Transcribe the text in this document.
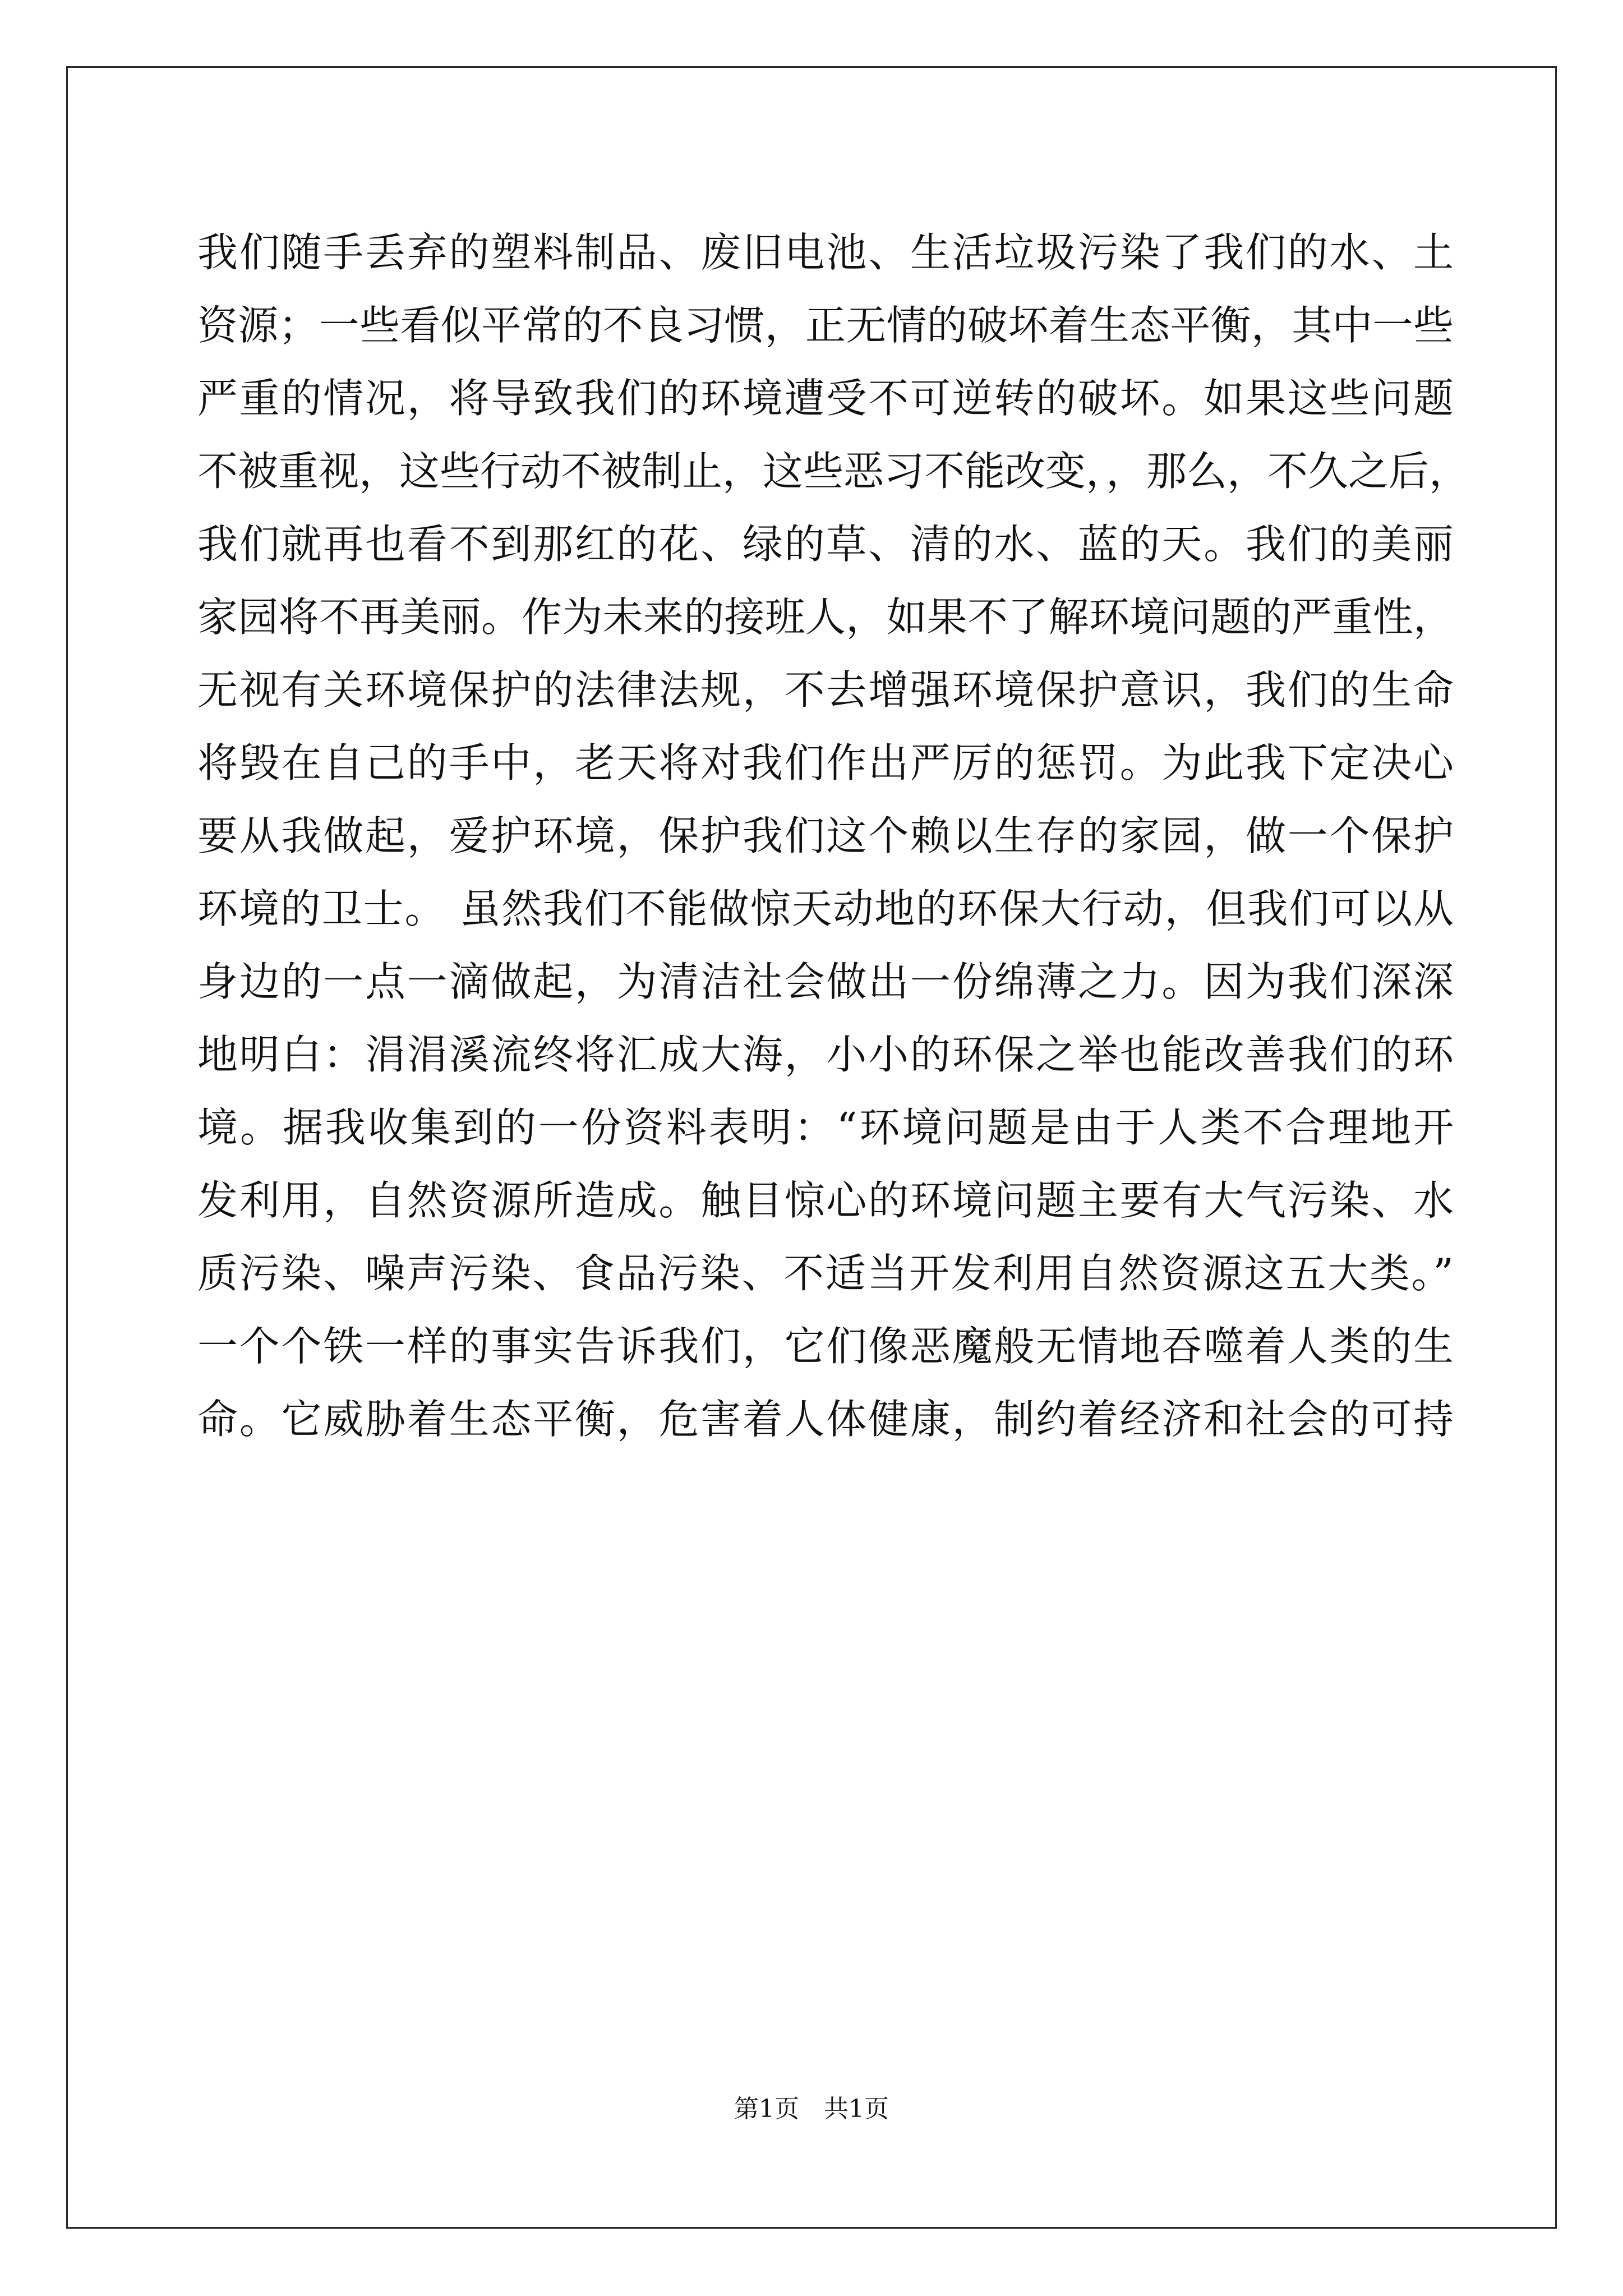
我们随手丢弃的塑料制品、废旧电池、生活垃圾污染了我们的水、土
资源；一些看似平常的不良习惯，正无情的破坏着生态平衡，其中一些
严重的情况，将导致我们的环境遭受不可逆转的破坏。如果这些问题
不被重视，这些行动不被制止，这些恶习不能改变，，那么，不久之后，
我们就再也看不到那红的花、绿的草、清的水、蓝的天。我们的美丽
家园将不再美丽。作为未来的接班人，如果不了解环境问题的严重性，
无视有关环境保护的法律法规，不去增强环境保护意识，我们的生命
将毁在自己的手中，老天将对我们作出严厉的惩罚。为此我下定决心
要从我做起，爱护环境，保护我们这个赖以生存的家园，做一个保护
环境的卫士。 虽然我们不能做惊天动地的环保大行动，但我们可以从
身边的一点一滴做起，为清洁社会做出一份绵薄之力。因为我们深深
地明白：涓涓溪流终将汇成大海，小小的环保之举也能改善我们的环
境。据我收集到的一份资料表明：“环境问题是由于人类不合理地开
发利用，自然资源所造成。触目惊心的环境问题主要有大气污染、水
质污染、噪声污染、食品污染、不适当开发利用自然资源这五大类。”
一个个铁一样的事实告诉我们，它们像恶魔般无情地吞噬着人类的生
命。它威胁着生态平衡，危害着人体健康，制约着经济和社会的可持
第1页　共1页
